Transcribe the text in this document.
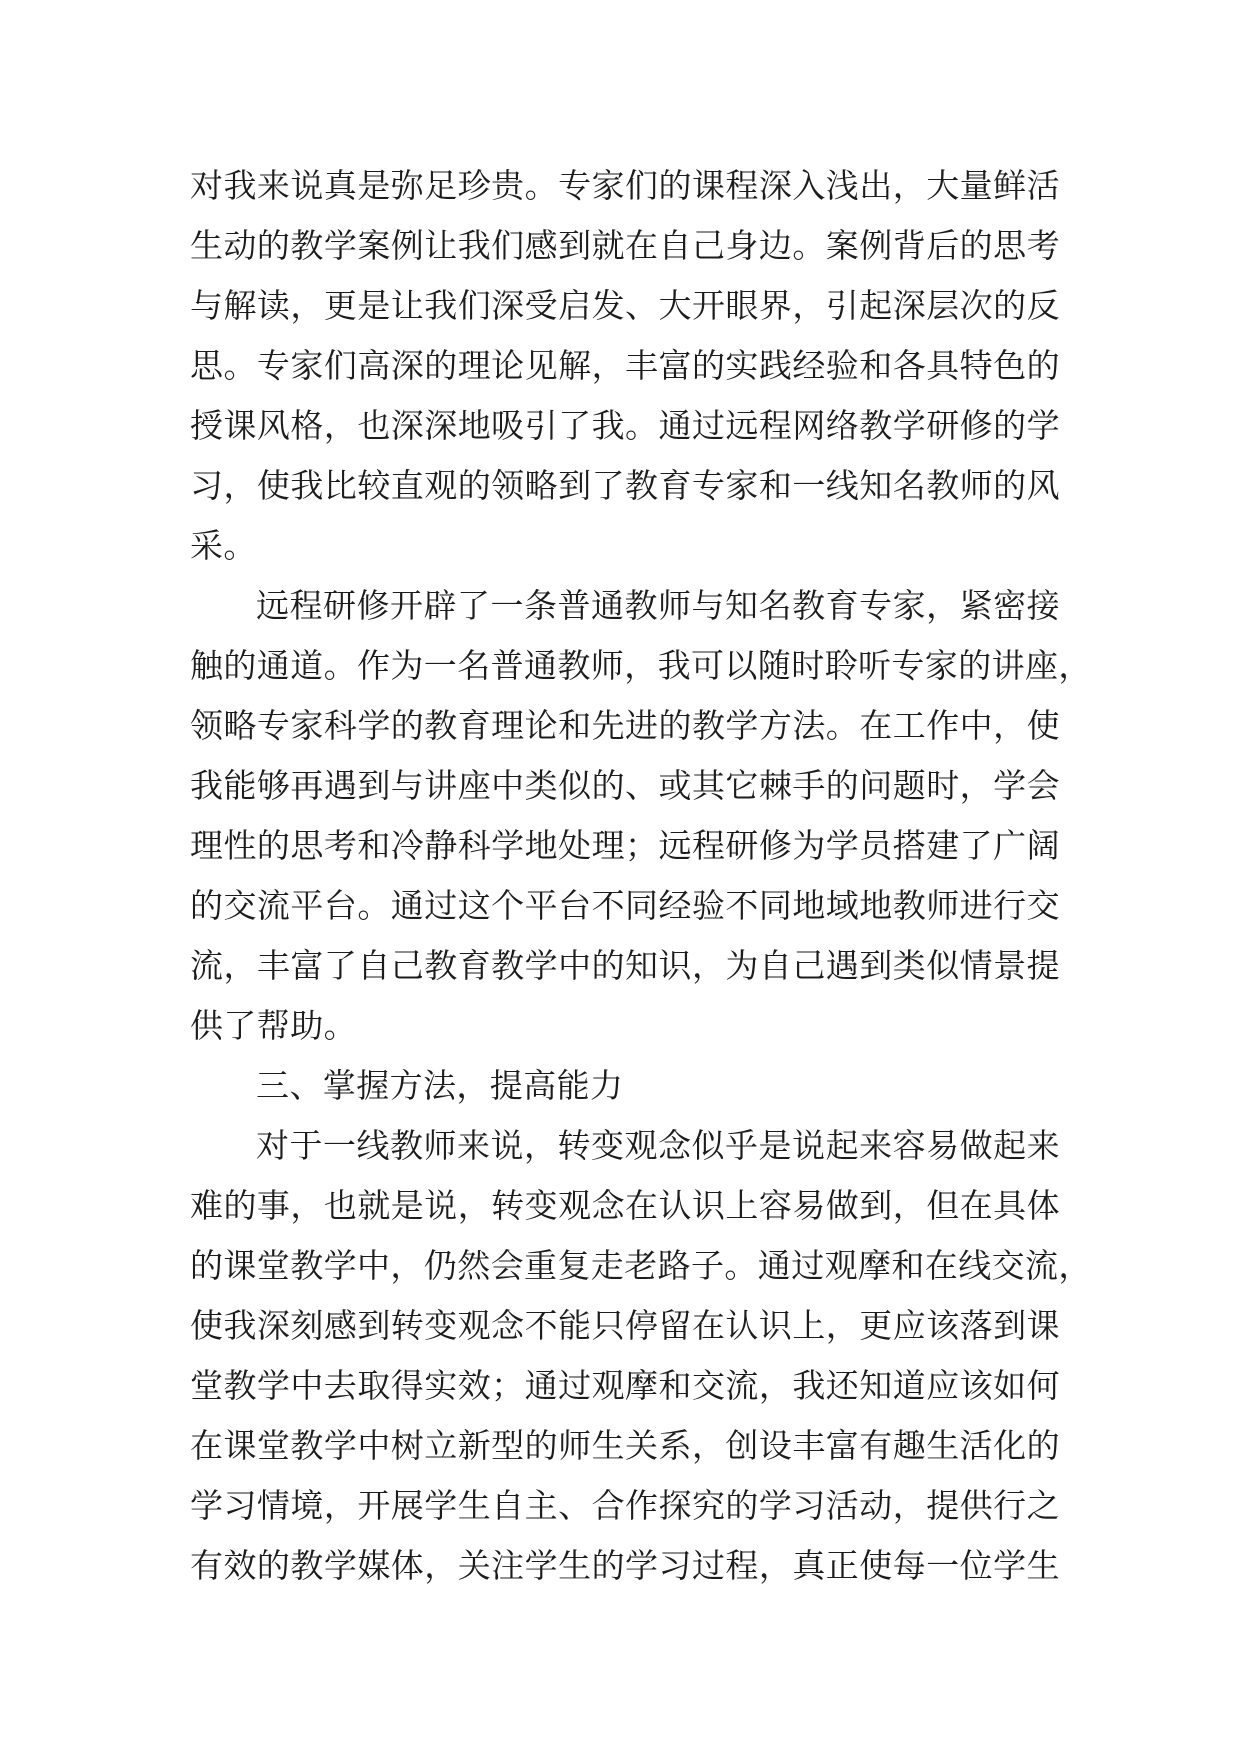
对我来说真是弥足珍贵。专家们的课程深入浅出，大量鲜活
生动的教学案例让我们感到就在自己身边。案例背后的思考
与解读，更是让我们深受启发、大开眼界，引起深层次的反
思。专家们高深的理论见解，丰富的实践经验和各具特色的
授课风格，也深深地吸引了我。通过远程网络教学研修的学
习，使我比较直观的领略到了教育专家和一线知名教师的风
采。
远程研修开辟了一条普通教师与知名教育专家，紧密接
触的通道。作为一名普通教师，我可以随时聆听专家的讲座，
领略专家科学的教育理论和先进的教学方法。在工作中，使
我能够再遇到与讲座中类似的、或其它棘手的问题时，学会
理性的思考和冷静科学地处理；远程研修为学员搭建了广阔
的交流平台。通过这个平台不同经验不同地域地教师进行交
流，丰富了自己教育教学中的知识，为自己遇到类似情景提
供了帮助。
三、掌握方法，提高能力
对于一线教师来说，转变观念似乎是说起来容易做起来
难的事，也就是说，转变观念在认识上容易做到，但在具体
的课堂教学中，仍然会重复走老路子。通过观摩和在线交流，
使我深刻感到转变观念不能只停留在认识上，更应该落到课
堂教学中去取得实效；通过观摩和交流，我还知道应该如何
在课堂教学中树立新型的师生关系，创设丰富有趣生活化的
学习情境，开展学生自主、合作探究的学习活动，提供行之
有效的教学媒体，关注学生的学习过程，真正使每一位学生
